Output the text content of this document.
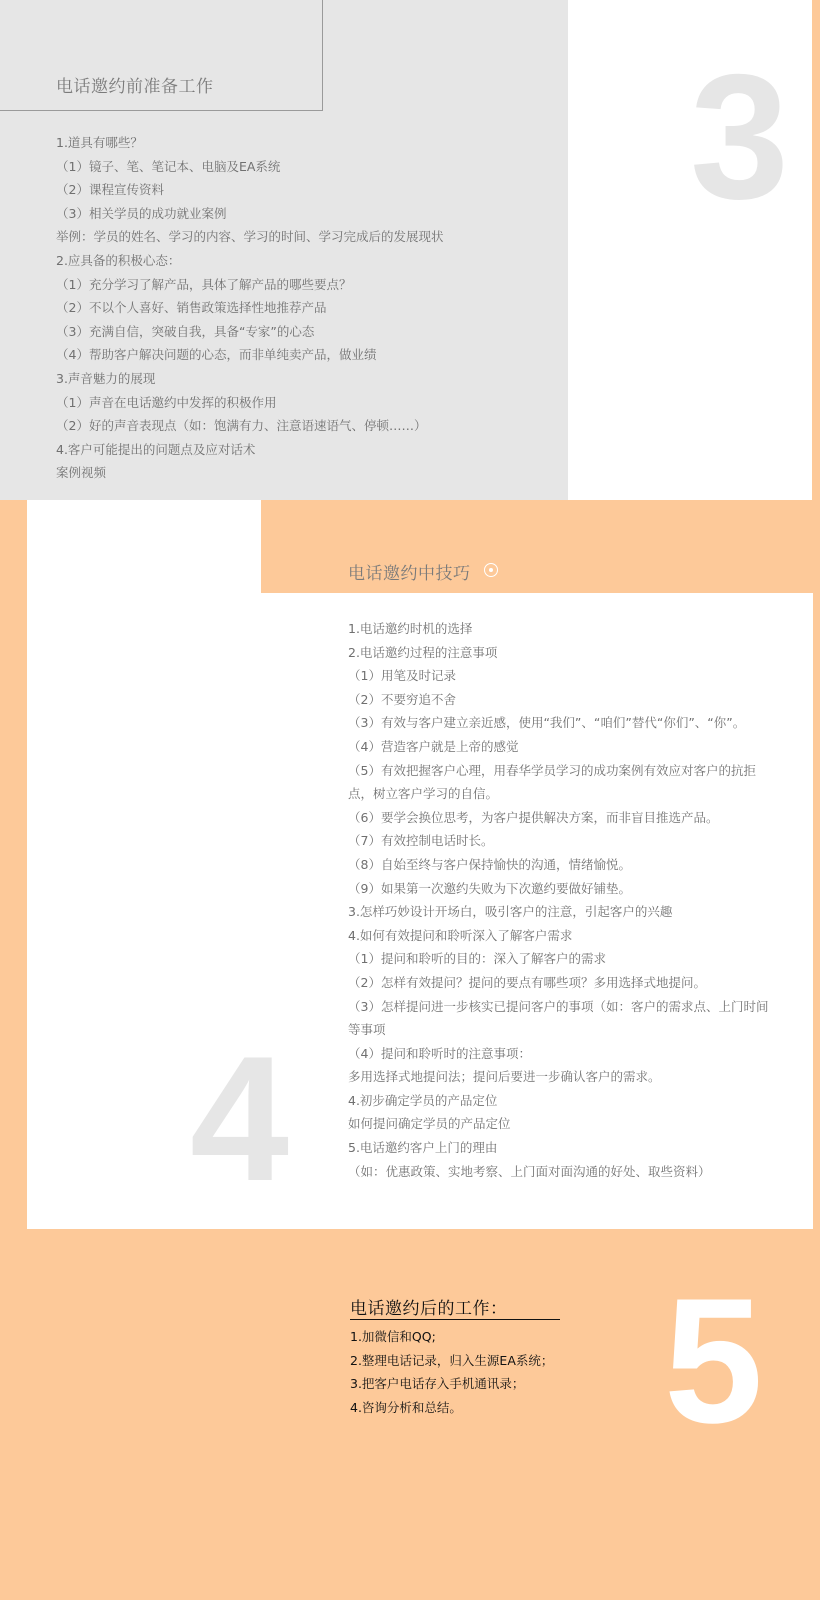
电话邀约前准备工作	3
1.道具有哪些？
（1）镜子、笔、笔记本、电脑及EA系统
（2）课程宣传资料
（3）相关学员的成功就业案例
举例：学员的姓名、学习的内容、学习的时间、学习完成后的发展现状
2.应具备的积极心态：
（1）充分学习了解产品，具体了解产品的哪些要点？
（2）不以个人喜好、销售政策选择性地推荐产品
（3）充满自信，突破自我，具备“专家”的心态
（4）帮助客户解决问题的心态，而非单纯卖产品，做业绩
3.声音魅力的展现
（1）声音在电话邀约中发挥的积极作用
（2）好的声音表现点（如：饱满有力、注意语速语气、停顿……）
4.客户可能提出的问题点及应对话术
案例视频
电话邀约中技巧
4
1.电话邀约时机的选择
2.电话邀约过程的注意事项
（1）用笔及时记录
（2）不要穷追不舍
（3）有效与客户建立亲近感，使用“我们”、“咱们”替代“你们”、“你”。
（4）营造客户就是上帝的感觉
（5）有效把握客户心理，用春华学员学习的成功案例有效应对客户的抗拒点，树立客户学习的自信。
（6）要学会换位思考，为客户提供解决方案，而非盲目推选产品。
（7）有效控制电话时长。
（8）自始至终与客户保持愉快的沟通，情绪愉悦。
（9）如果第一次邀约失败为下次邀约要做好铺垫。
3.怎样巧妙设计开场白，吸引客户的注意，引起客户的兴趣
4.如何有效提问和聆听深入了解客户需求
（1）提问和聆听的目的：深入了解客户的需求
（2）怎样有效提问？提问的要点有哪些项？多用选择式地提问。
（3）怎样提问进一步核实已提问客户的事项（如：客户的需求点、上门时间等事项
（4）提问和聆听时的注意事项：
多用选择式地提问法；提问后要进一步确认客户的需求。
4.初步确定学员的产品定位
如何提问确定学员的产品定位
5.电话邀约客户上门的理由
（如：优惠政策、实地考察、上门面对面沟通的好处、取些资料）
5
电话邀约后的工作：
1.加微信和QQ;
2.整理电话记录，归入生源EA系统；
3.把客户电话存入手机通讯录；
4.咨询分析和总结。
